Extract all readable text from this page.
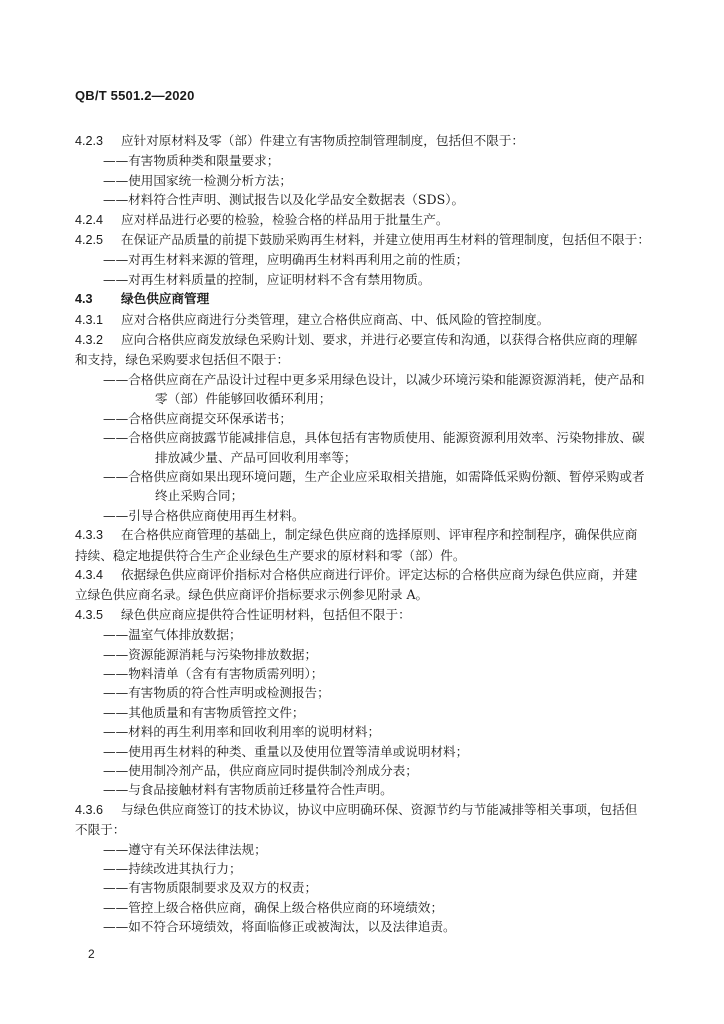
QB/T 5501.2—2020
4.2.3 应针对原材料及零（部）件建立有害物质控制管理制度，包括但不限于：
——有害物质种类和限量要求；
——使用国家统一检测分析方法；
——材料符合性声明、测试报告以及化学品安全数据表（SDS）。
4.2.4 应对样品进行必要的检验，检验合格的样品用于批量生产。
4.2.5 在保证产品质量的前提下鼓励采购再生材料，并建立使用再生材料的管理制度，包括但不限于：
——对再生材料来源的管理，应明确再生材料再利用之前的性质；
——对再生材料质量的控制，应证明材料不含有禁用物质。
4.3 绿色供应商管理
4.3.1 应对合格供应商进行分类管理，建立合格供应商高、中、低风险的管控制度。
4.3.2 应向合格供应商发放绿色采购计划、要求，并进行必要宣传和沟通，以获得合格供应商的理解
和支持，绿色采购要求包括但不限于：
——合格供应商在产品设计过程中更多采用绿色设计，以减少环境污染和能源资源消耗，使产品和
零（部）件能够回收循环利用；
——合格供应商提交环保承诺书；
——合格供应商披露节能减排信息，具体包括有害物质使用、能源资源利用效率、污染物排放、碳
排放减少量、产品可回收利用率等；
——合格供应商如果出现环境问题，生产企业应采取相关措施，如需降低采购份额、暂停采购或者
终止采购合同；
——引导合格供应商使用再生材料。
4.3.3 在合格供应商管理的基础上，制定绿色供应商的选择原则、评审程序和控制程序，确保供应商
持续、稳定地提供符合生产企业绿色生产要求的原材料和零（部）件。
4.3.4 依据绿色供应商评价指标对合格供应商进行评价。评定达标的合格供应商为绿色供应商，并建
立绿色供应商名录。绿色供应商评价指标要求示例参见附录 A。
4.3.5 绿色供应商应提供符合性证明材料，包括但不限于：
——温室气体排放数据；
——资源能源消耗与污染物排放数据；
——物料清单（含有有害物质需列明）；
——有害物质的符合性声明或检测报告；
——其他质量和有害物质管控文件；
——材料的再生利用率和回收利用率的说明材料；
——使用再生材料的种类、重量以及使用位置等清单或说明材料；
——使用制冷剂产品，供应商应同时提供制冷剂成分表；
——与食品接触材料有害物质前迁移量符合性声明。
4.3.6 与绿色供应商签订的技术协议，协议中应明确环保、资源节约与节能减排等相关事项，包括但
不限于：
——遵守有关环保法律法规；
——持续改进其执行力；
——有害物质限制要求及双方的权责；
——管控上级合格供应商，确保上级合格供应商的环境绩效；
——如不符合环境绩效，将面临修正或被淘汰，以及法律追责。
2
